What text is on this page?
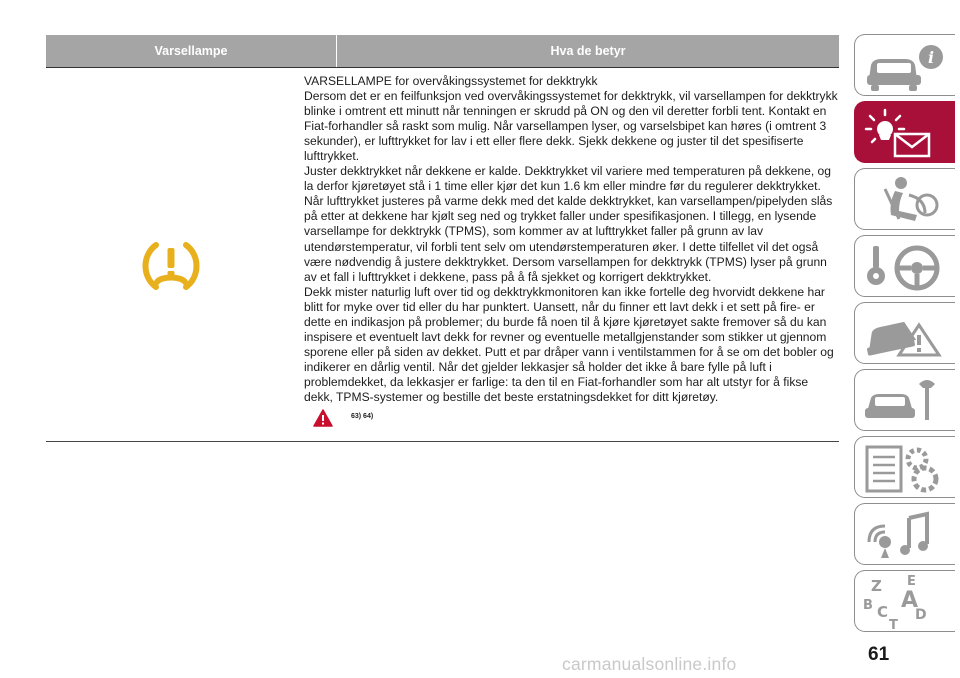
Varsellampe	Hva de betyr

VARSELLAMPE for overvåkingssystemet for dekktrykk

Dersom det er en feilfunksjon ved overvåkingssystemet for dekktrykk, vil varsellampen for dekktrykk blinke i omtrent ett minutt når tenningen er skrudd på ON og den vil deretter forbli tent. Kontakt en Fiat-forhandler så raskt som mulig. Når varsellampen lyser, og varselsbipet kan høres (i omtrent 3 sekunder), er lufttrykket for lav i ett eller flere dekk. Sjekk dekkene og juster til det spesifiserte lufttrykket.

Juster dekktrykket når dekkene er kalde. Dekktrykket vil variere med temperaturen på dekkene, og la derfor kjøretøyet stå i 1 time eller kjør det kun 1.6 km eller mindre før du regulerer dekktrykket. Når lufttrykket justeres på varme dekk med det kalde dekktrykket, kan varsellampen/pipelyden slås på etter at dekkene har kjølt seg ned og trykket faller under spesifikasjonen. I tillegg, en lysende varsellampe for dekktrykk (TPMS), som kommer av at lufttrykket faller på grunn av lav utendørstemperatur, vil forbli tent selv om utendørstemperaturen øker. I dette tilfellet vil det også være nødvendig å justere dekktrykket. Dersom varsellampen for dekktrykk (TPMS) lyser på grunn av et fall i lufttrykket i dekkene, pass på å få sjekket og korrigert dekktrykket.

Dekk mister naturlig luft over tid og dekktrykkmonitoren kan ikke fortelle deg hvorvidt dekkene har blitt for myke over tid eller du har punktert. Uansett, når du finner ett lavt dekk i et sett på fire- er dette en indikasjon på problemer; du burde få noen til å kjøre kjøretøyet sakte fremover så du kan inspisere et eventuelt lavt dekk for revner og eventuelle metallgjenstander som stikker ut gjennom sporene eller på siden av dekket. Putt et par dråper vann i ventilstammen for å se om det bobler og indikerer en dårlig ventil. Når det gjelder lekkasjer så holder det ikke å bare fylle på luft i problemdekket, da lekkasjer er farlige: ta den til en Fiat-forhandler som har alt utstyr for å fikse dekk, TPMS-systemer og bestille det beste erstatningsdekket for ditt kjøretøy.

63) 64)
i
Z E
B A
C D
T
61
carmanualsonline.info
